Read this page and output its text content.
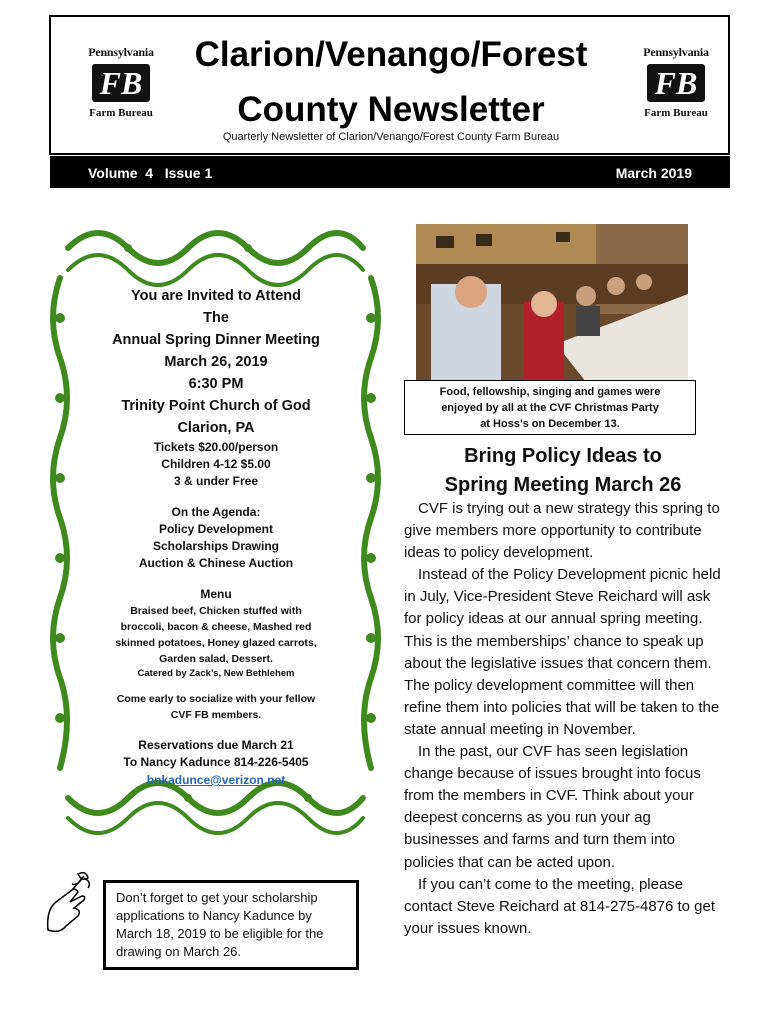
Pennsylvania
FB
Farm Bureau
Clarion/Venango/Forest
County Newsletter
Quarterly Newsletter of Clarion/Venango/Forest County Farm Bureau
Pennsylvania
FB
Farm Bureau
Volume  4   Issue 1	March 2019
You are Invited to Attend
The
Annual Spring Dinner Meeting
March 26, 2019
6:30 PM
Trinity Point Church of God
Clarion, PA
Tickets $20.00/person
Children 4-12 $5.00
3 & under Free
On the Agenda:
Policy Development
Scholarships Drawing
Auction & Chinese Auction
Menu
Braised beef, Chicken stuffed with
broccoli, bacon & cheese, Mashed red
skinned potatoes, Honey glazed carrots,
Garden salad, Dessert.
Catered by Zack’s, New Bethlehem
Come early to socialize with your fellow
CVF FB members.
Reservations due March 21
To Nancy Kadunce 814-226-5405
bnkadunce@verizon.net
Food, fellowship, singing and games were
enjoyed by all at the CVF Christmas Party
at Hoss’s on December 13.
Bring Policy Ideas to
Spring Meeting March 26

CVF is trying out a new strategy this spring to give members more opportunity to contribute ideas to policy development.

Instead of the Policy Development picnic held in July, Vice-President Steve Reichard will ask for policy ideas at our annual spring meeting. This is the memberships’ chance to speak up about the legislative issues that concern them. The policy development committee will then refine them into policies that will be taken to the state annual meeting in November.

In the past, our CVF has seen legislation change because of issues brought into focus from the members in CVF. Think about your deepest concerns as you run your ag businesses and farms and turn them into policies that can be acted upon.

If you can’t come to the meeting, please contact Steve Reichard at 814-275-4876 to get your issues known.

Don’t forget to get your scholarship applications to Nancy Kadunce by March 18, 2019 to be eligible for the drawing on March 26.
